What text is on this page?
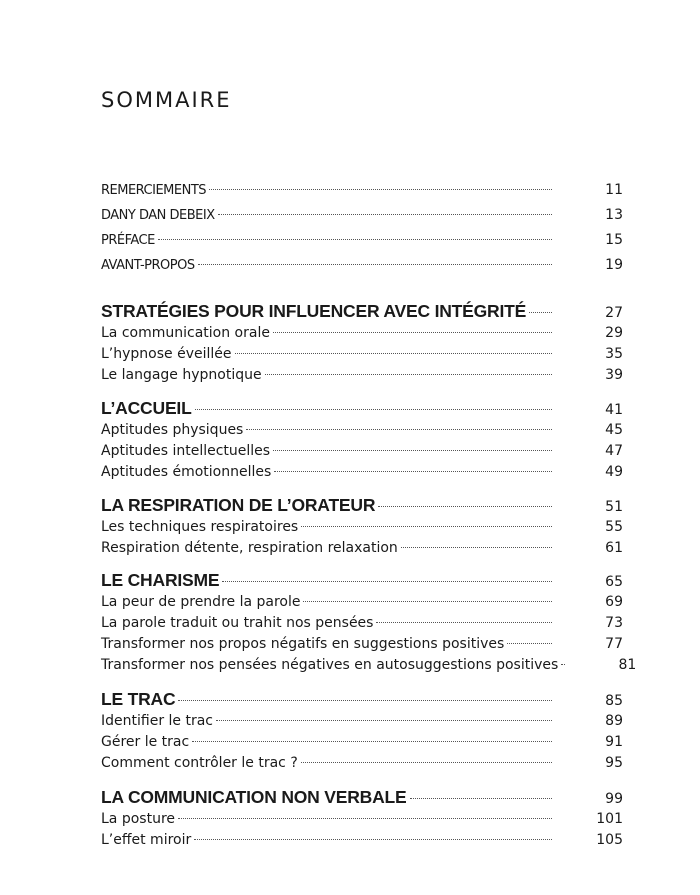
SOMMAIRE
REMERCIEMENTS	11
DANY DAN DEBEIX	13
PRÉFACE	15
AVANT-PROPOS	19
STRATÉGIES POUR INFLUENCER AVEC INTÉGRITÉ	27
La communication orale	29
L’hypnose éveillée	35
Le langage hypnotique	39
L’ACCUEIL	41
Aptitudes physiques	45
Aptitudes intellectuelles	47
Aptitudes émotionnelles	49
LA RESPIRATION DE L’ORATEUR	51
Les techniques respiratoires	55
Respiration détente, respiration relaxation	61
LE CHARISME	65
La peur de prendre la parole	69
La parole traduit ou trahit nos pensées	73
Transformer nos propos négatifs en suggestions positives	77
Transformer nos pensées négatives en autosuggestions positives	81
LE TRAC	85
Identifier le trac	89
Gérer le trac	91
Comment contrôler le trac ?	95
LA COMMUNICATION NON VERBALE	99
La posture	101
L’effet miroir	105
